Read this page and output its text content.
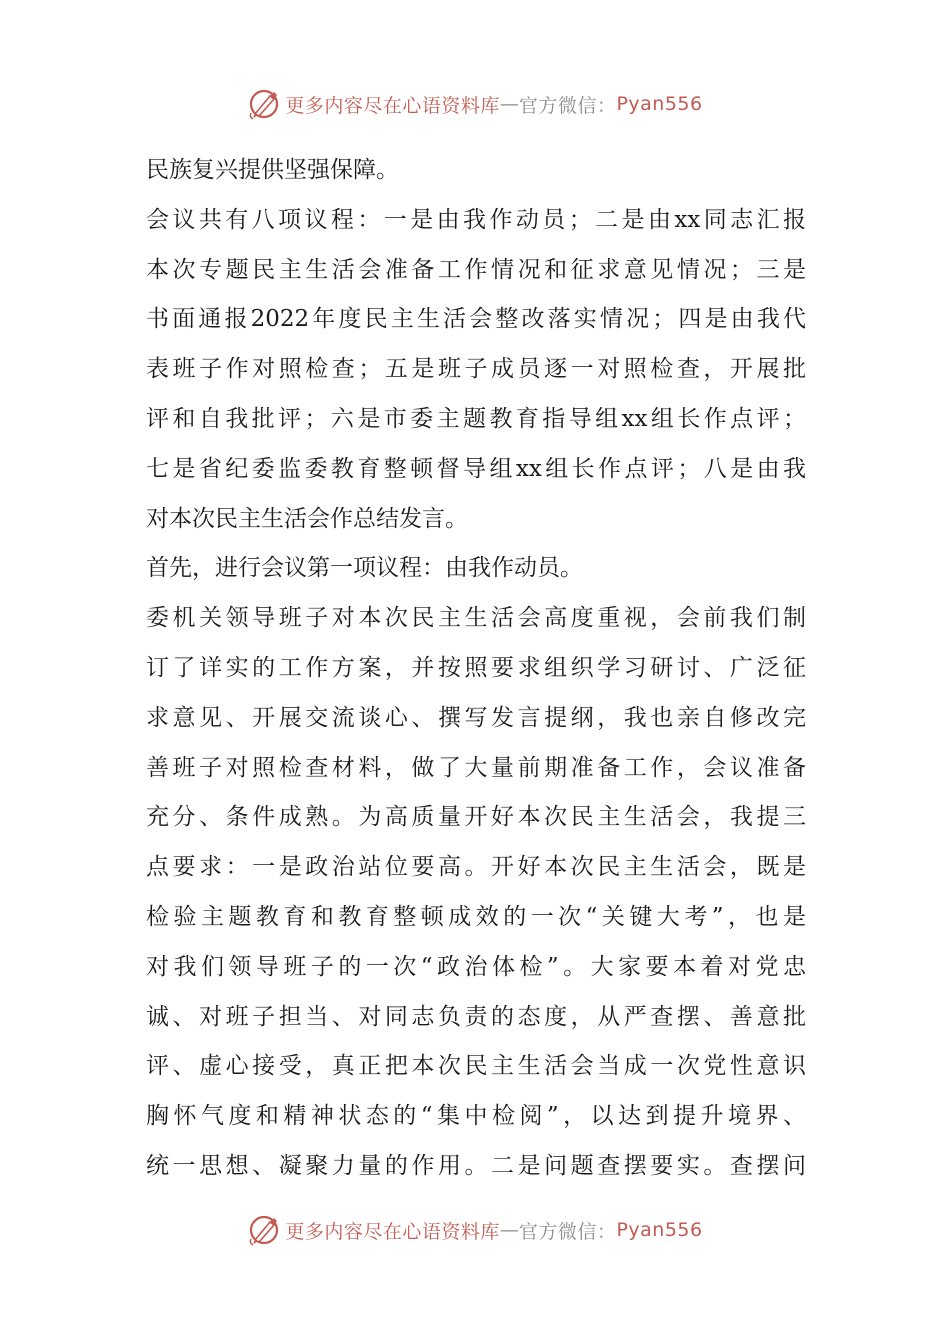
更多内容尽在心语资料库 — 官方微信： Pyan556
民族复兴提供坚强保障。
会议共有八项议程：一是由我作动员；二是由xx同志汇报
本次专题民主生活会准备工作情况和征求意见情况；三是
书面通报2022年度民主生活会整改落实情况；四是由我代
表班子作对照检查；五是班子成员逐一对照检查，开展批
评和自我批评；六是市委主题教育指导组xx组长作点评；
七是省纪委监委教育整顿督导组xx组长作点评；八是由我
对本次民主生活会作总结发言。
首先，进行会议第一项议程：由我作动员。
委机关领导班子对本次民主生活会高度重视，会前我们制
订了详实的工作方案，并按照要求组织学习研讨、广泛征
求意见、开展交流谈心、撰写发言提纲，我也亲自修改完
善班子对照检查材料，做了大量前期准备工作，会议准备
充分、条件成熟。为高质量开好本次民主生活会，我提三
点要求：一是政治站位要高。开好本次民主生活会，既是
检验主题教育和教育整顿成效的一次“关键大考”，也是
对我们领导班子的一次“政治体检”。大家要本着对党忠
诚、对班子担当、对同志负责的态度，从严查摆、善意批
评、虚心接受，真正把本次民主生活会当成一次党性意识
胸怀气度和精神状态的“集中检阅”，以达到提升境界、
统一思想、凝聚力量的作用。二是问题查摆要实。查摆问
更多内容尽在心语资料库 — 官方微信： Pyan556
